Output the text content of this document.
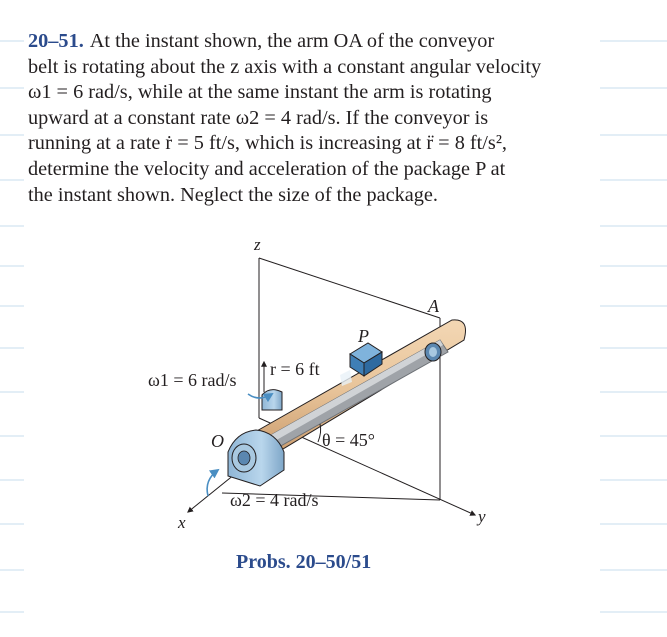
20–51. At the instant shown, the arm OA of the conveyor

belt is rotating about the z axis with a constant angular velocity

ω1 = 6 rad/s, while at the same instant the arm is rotating

upward at a constant rate ω2 = 4 rad/s. If the conveyor is

running at a rate ṙ = 5 ft/s, which is increasing at r̈ = 8 ft/s²,

determine the velocity and acceleration of the package P at

the instant shown. Neglect the size of the package.

z
A
P
r = 6 ft
ω1 = 6 rad/s
O	θ = 45°
ω2 = 4 rad/s
x	y
Probs. 20–50/51
